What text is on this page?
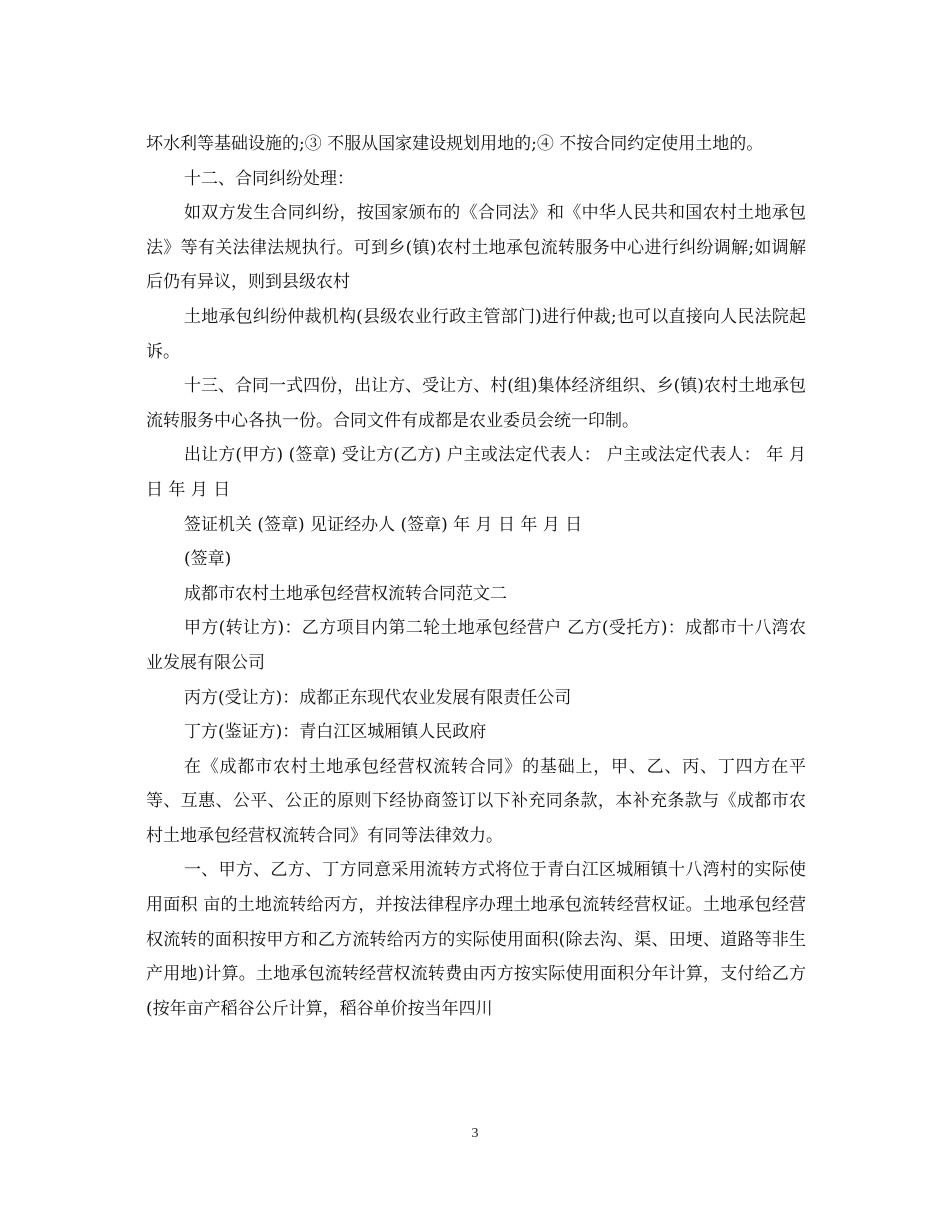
坏水利等基础设施的;③ 不服从国家建设规划用地的;④ 不按合同约定使用土地的。

十二、合同纠纷处理：

如双方发生合同纠纷，按国家颁布的《合同法》和《中华人民共和国农村土地承包法》等有关法律法规执行。可到乡(镇)农村土地承包流转服务中心进行纠纷调解;如调解后仍有异议，则到县级农村

土地承包纠纷仲裁机构(县级农业行政主管部门)进行仲裁;也可以直接向人民法院起诉。

十三、合同一式四份，出让方、受让方、村(组)集体经济组织、乡(镇)农村土地承包流转服务中心各执一份。合同文件有成都是农业委员会统一印制。

出让方(甲方) (签章) 受让方(乙方) 户主或法定代表人： 户主或法定代表人： 年 月 日 年 月 日

签证机关 (签章) 见证经办人 (签章) 年 月 日 年 月 日

(签章)

成都市农村土地承包经营权流转合同范文二

甲方(转让方)：乙方项目内第二轮土地承包经营户 乙方(受托方)：成都市十八湾农业发展有限公司

丙方(受让方)：成都正东现代农业发展有限责任公司

丁方(鉴证方)：青白江区城厢镇人民政府

在《成都市农村土地承包经营权流转合同》的基础上，甲、乙、丙、丁四方在平等、互惠、公平、公正的原则下经协商签订以下补充同条款，本补充条款与《成都市农村土地承包经营权流转合同》有同等法律效力。

一、甲方、乙方、丁方同意采用流转方式将位于青白江区城厢镇十八湾村的实际使用面积 亩的土地流转给丙方，并按法律程序办理土地承包流转经营权证。土地承包经营权流转的面积按甲方和乙方流转给丙方的实际使用面积(除去沟、渠、田埂、道路等非生产用地)计算。土地承包流转经营权流转费由丙方按实际使用面积分年计算，支付给乙方(按年亩产稻谷公斤计算，稻谷单价按当年四川

3
